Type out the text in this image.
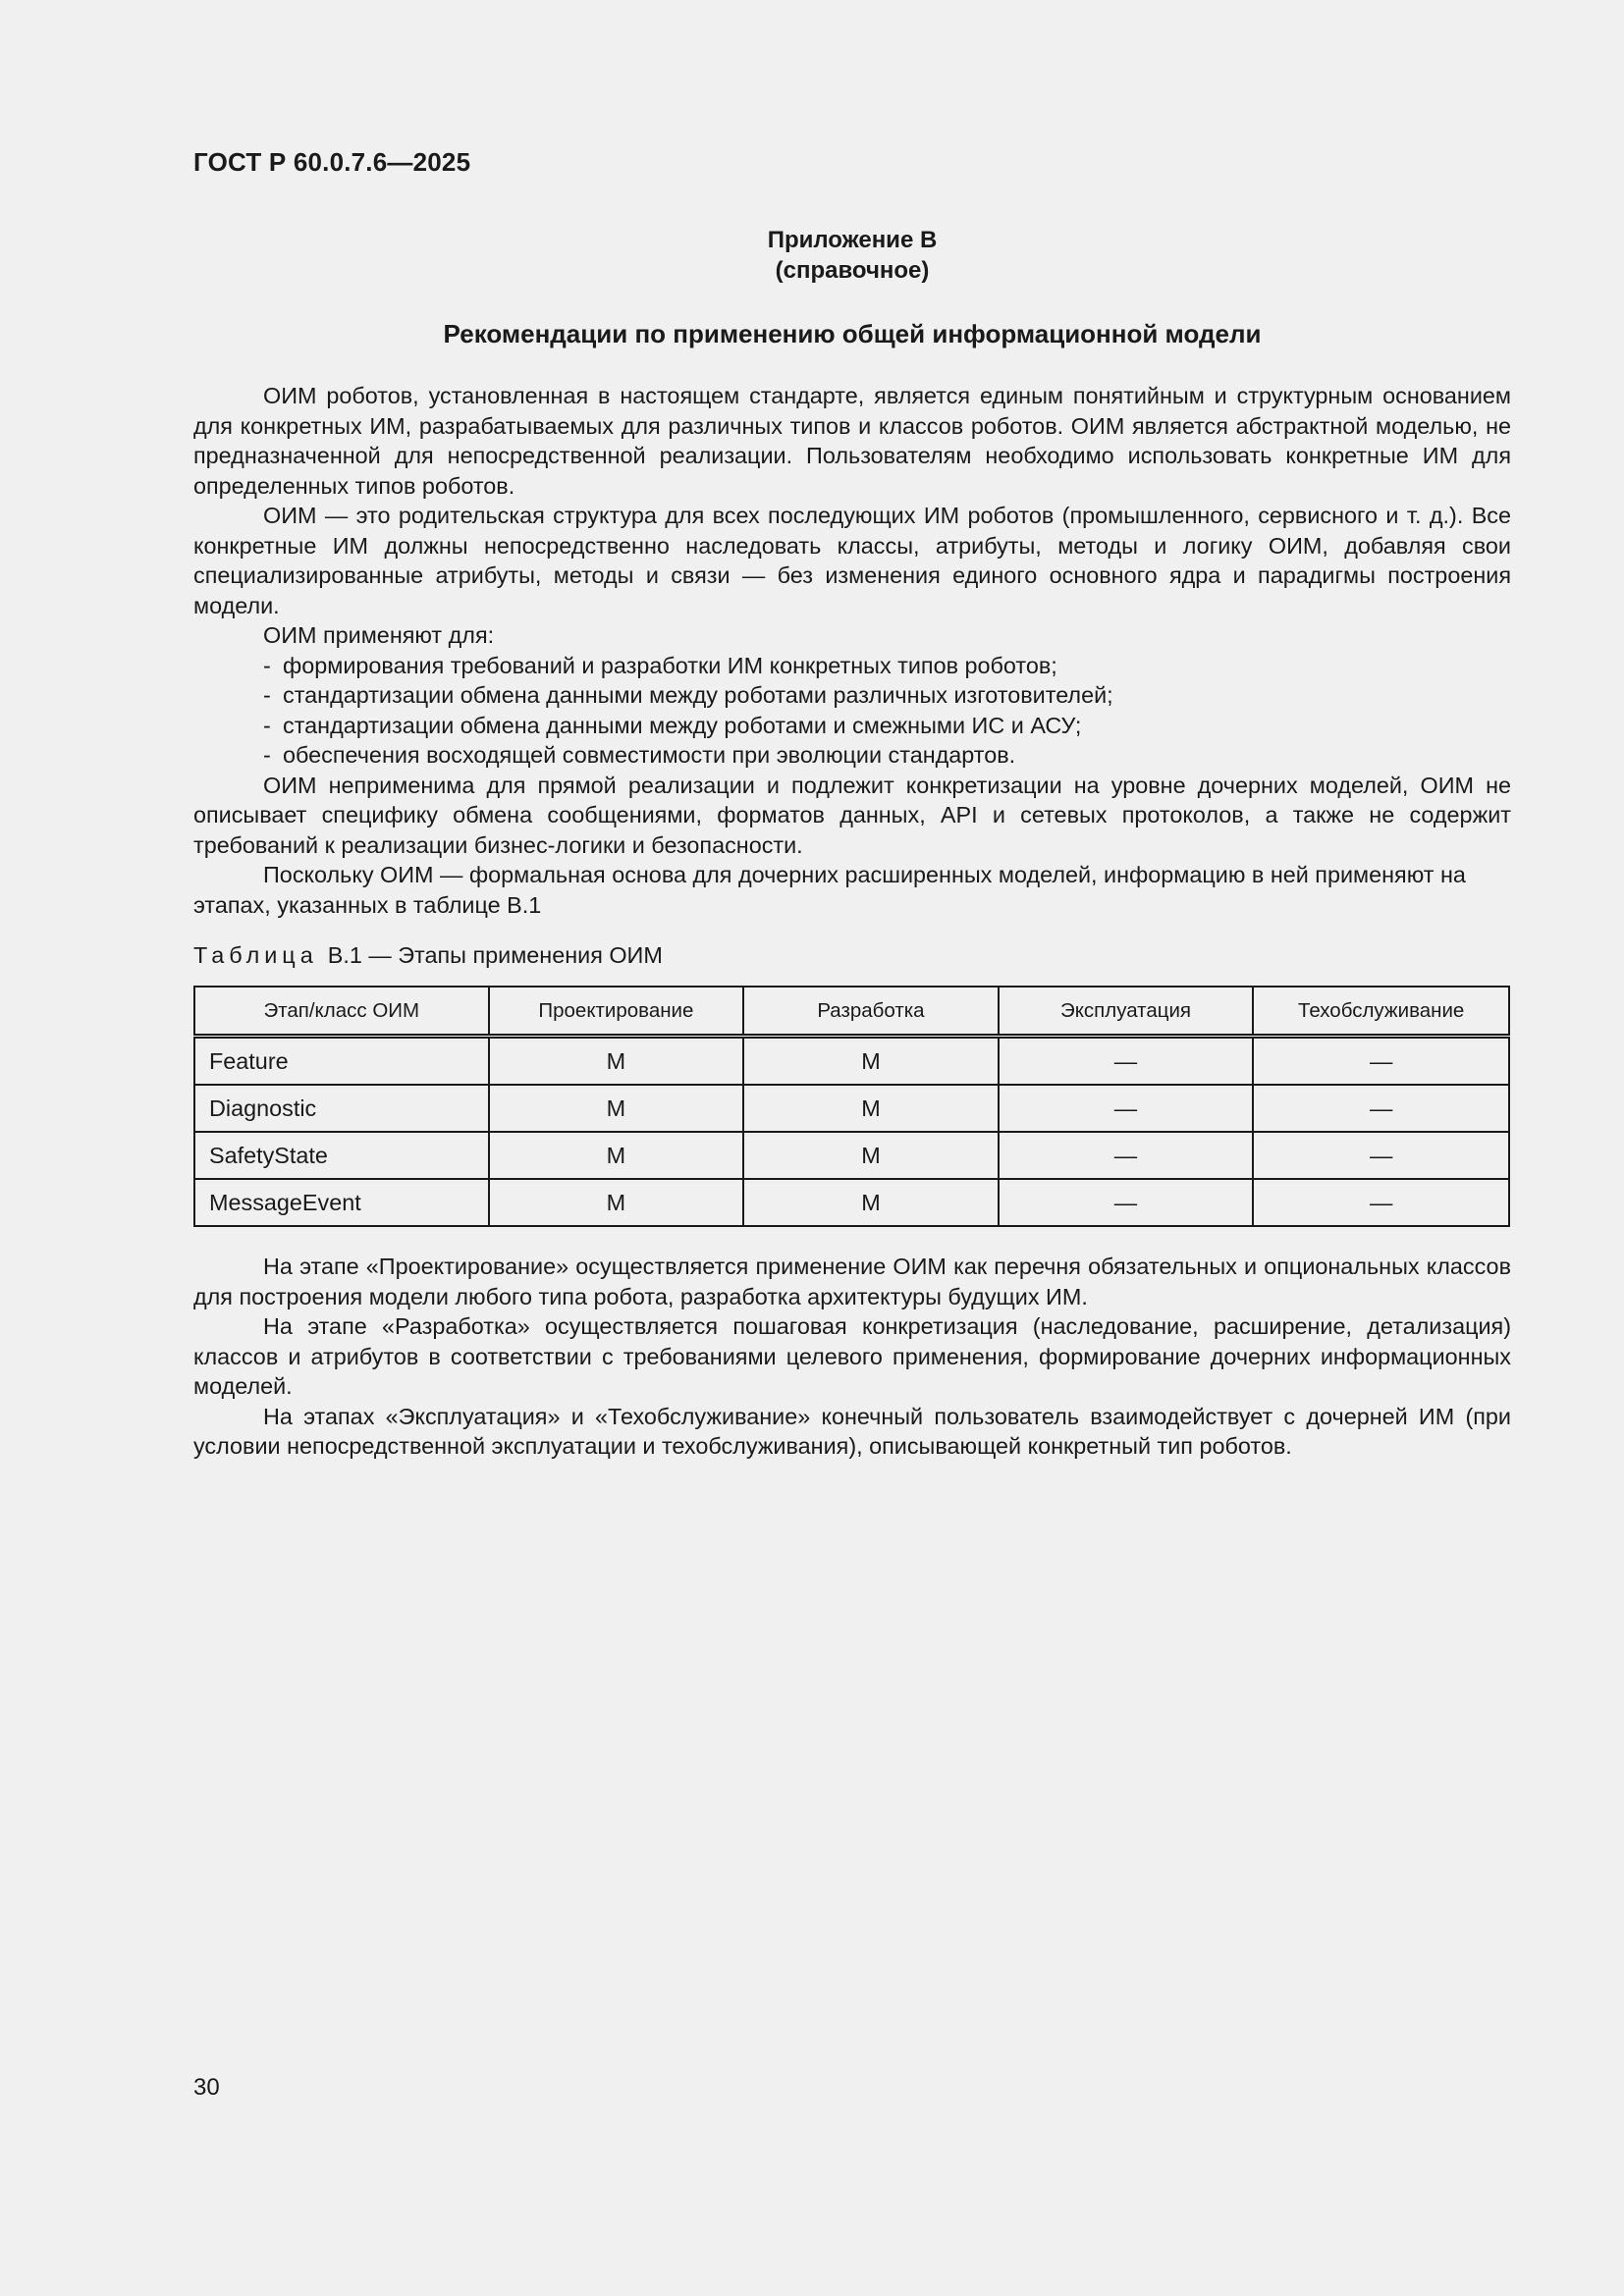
ГОСТ Р 60.0.7.6—2025
Приложение В
(справочное)
Рекомендации по применению общей информационной модели

ОИМ роботов, установленная в настоящем стандарте, является единым понятийным и структурным основанием для конкретных ИМ, разрабатываемых для различных типов и классов роботов. ОИМ является абстрактной моделью, не предназначенной для непосредственной реализации. Пользователям необходимо использовать конкретные ИМ для определенных типов роботов.

ОИМ — это родительская структура для всех последующих ИМ роботов (промышленного, сервисного и т. д.). Все конкретные ИМ должны непосредственно наследовать классы, атрибуты, методы и логику ОИМ, добавляя свои специализированные атрибуты, методы и связи — без изменения единого основного ядра и парадигмы построения модели.

ОИМ применяют для:

- формирования требований и разработки ИМ конкретных типов роботов;
- стандартизации обмена данными между роботами различных изготовителей;
- стандартизации обмена данными между роботами и смежными ИС и АСУ;
- обеспечения восходящей совместимости при эволюции стандартов.

ОИМ неприменима для прямой реализации и подлежит конкретизации на уровне дочерних моделей, ОИМ не описывает специфику обмена сообщениями, форматов данных, API и сетевых протоколов, а также не содержит требований к реализации бизнес-логики и безопасности.

Поскольку ОИМ — формальная основа для дочерних расширенных моделей, информацию в ней применяют на этапах, указанных в таблице В.1

Таблица В.1 — Этапы применения ОИМ
Этап/класс ОИМ	Проектирование	Разработка	Эксплуатация	Техобслуживание
Feature	М	М	—	—
Diagnostic	М	М	—	—
SafetyState	М	М	—	—
MessageEvent	М	М	—	—

На этапе «Проектирование» осуществляется применение ОИМ как перечня обязательных и опциональных классов для построения модели любого типа робота, разработка архитектуры будущих ИМ.

На этапе «Разработка» осуществляется пошаговая конкретизация (наследование, расширение, детализация) классов и атрибутов в соответствии с требованиями целевого применения, формирование дочерних информационных моделей.

На этапах «Эксплуатация» и «Техобслуживание» конечный пользователь взаимодействует с дочерней ИМ (при условии непосредственной эксплуатации и техобслуживания), описывающей конкретный тип роботов.

30
